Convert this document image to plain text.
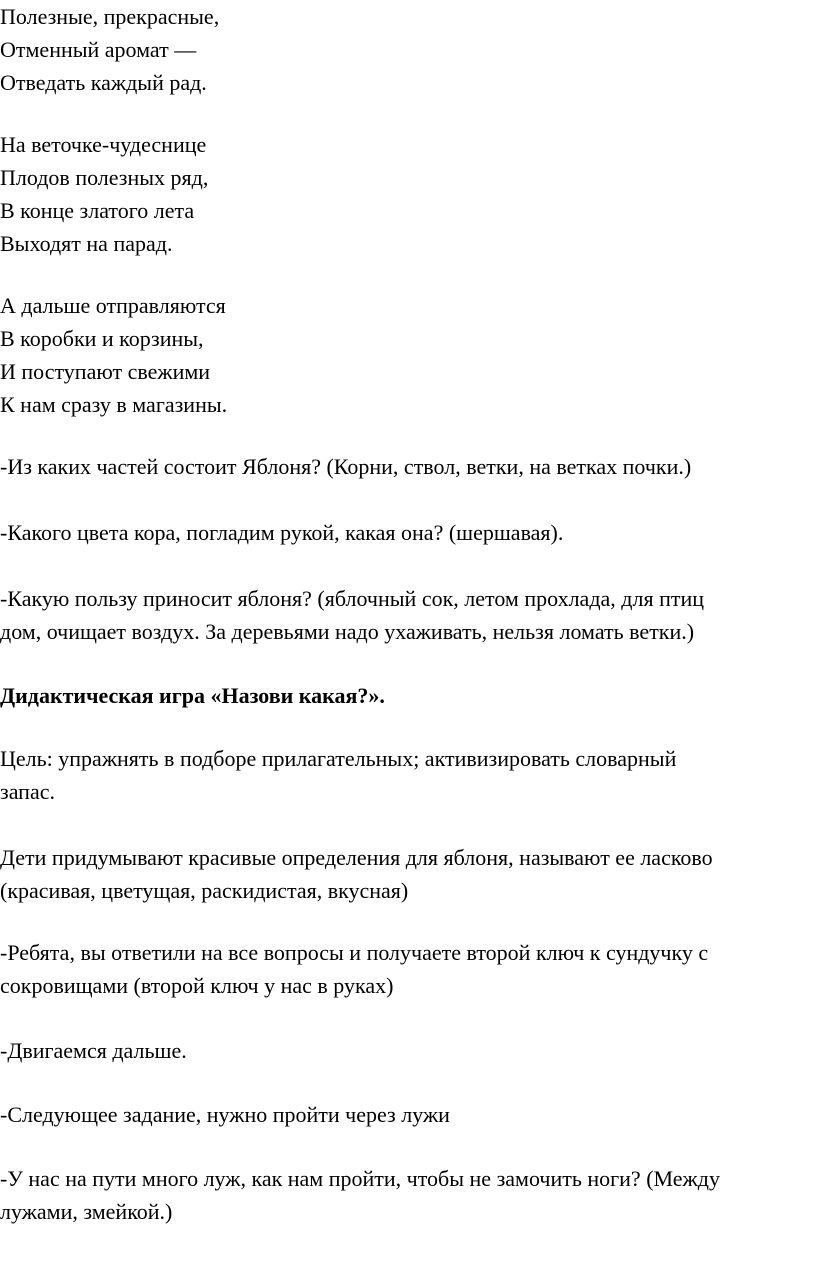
Полезные, прекрасные,
Отменный аромат —
Отведать каждый рад.
На веточке-чудеснице
Плодов полезных ряд,
В конце златого лета
Выходят на парад.
А дальше отправляются
В коробки и корзины,
И поступают свежими
К нам сразу в магазины.
-Из каких частей состоит Яблоня? (Корни, ствол, ветки, на ветках почки.)
-Какого цвета кора, погладим рукой, какая она? (шершавая).
-Какую пользу приносит яблоня? (яблочный сок, летом прохлада, для птиц
дом, очищает воздух. За деревьями надо ухаживать, нельзя ломать ветки.)
Дидактическая игра «Назови какая?».
Цель: упражнять в подборе прилагательных; активизировать словарный
запас.
Дети придумывают красивые определения для яблоня, называют ее ласково
(красивая, цветущая, раскидистая, вкусная)
-Ребята, вы ответили на все вопросы и получаете второй ключ к сундучку с
сокровищами (второй ключ у нас в руках)
-Двигаемся дальше.
-Следующее задание, нужно пройти через лужи
-У нас на пути много луж, как нам пройти, чтобы не замочить ноги? (Между
лужами, змейкой.)
